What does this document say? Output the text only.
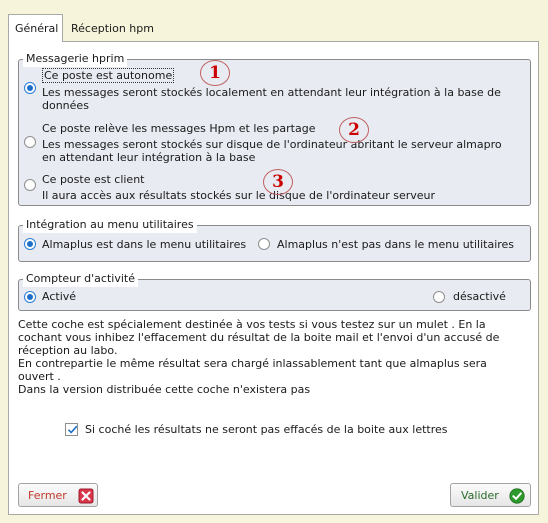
Général	Réception hpm
Messagerie hprim
Ce poste est autonome
Les messages seront stockés localement en attendant leur intégration à la base de
données
1
Ce poste relève les messages Hpm et les partage
Les messages seront stockés sur disque de l'ordinateur abritant le serveur almapro
en attendant leur intégration à la base
2
Ce poste est client
Il aura accès aux résultats stockés sur le disque de l'ordinateur serveur
3
Intégration au menu utilitaires
Almaplus est dans le menu utilitaires	Almaplus n'est pas dans le menu utilitaires
Compteur d'activité
Activé	désactivé
Cette coche est spécialement destinée à vos tests si vous testez sur un mulet . En la
cochant vous inhibez l'effacement du résultat de la boite mail et l'envoi d'un accusé de
réception au labo.
En contrepartie le même résultat sera chargé inlassablement tant que almaplus sera
ouvert .
Dans la version distribuée cette coche n'existera pas
Si coché les résultats ne seront pas effacés de la boite aux lettres
Fermer	Valider
